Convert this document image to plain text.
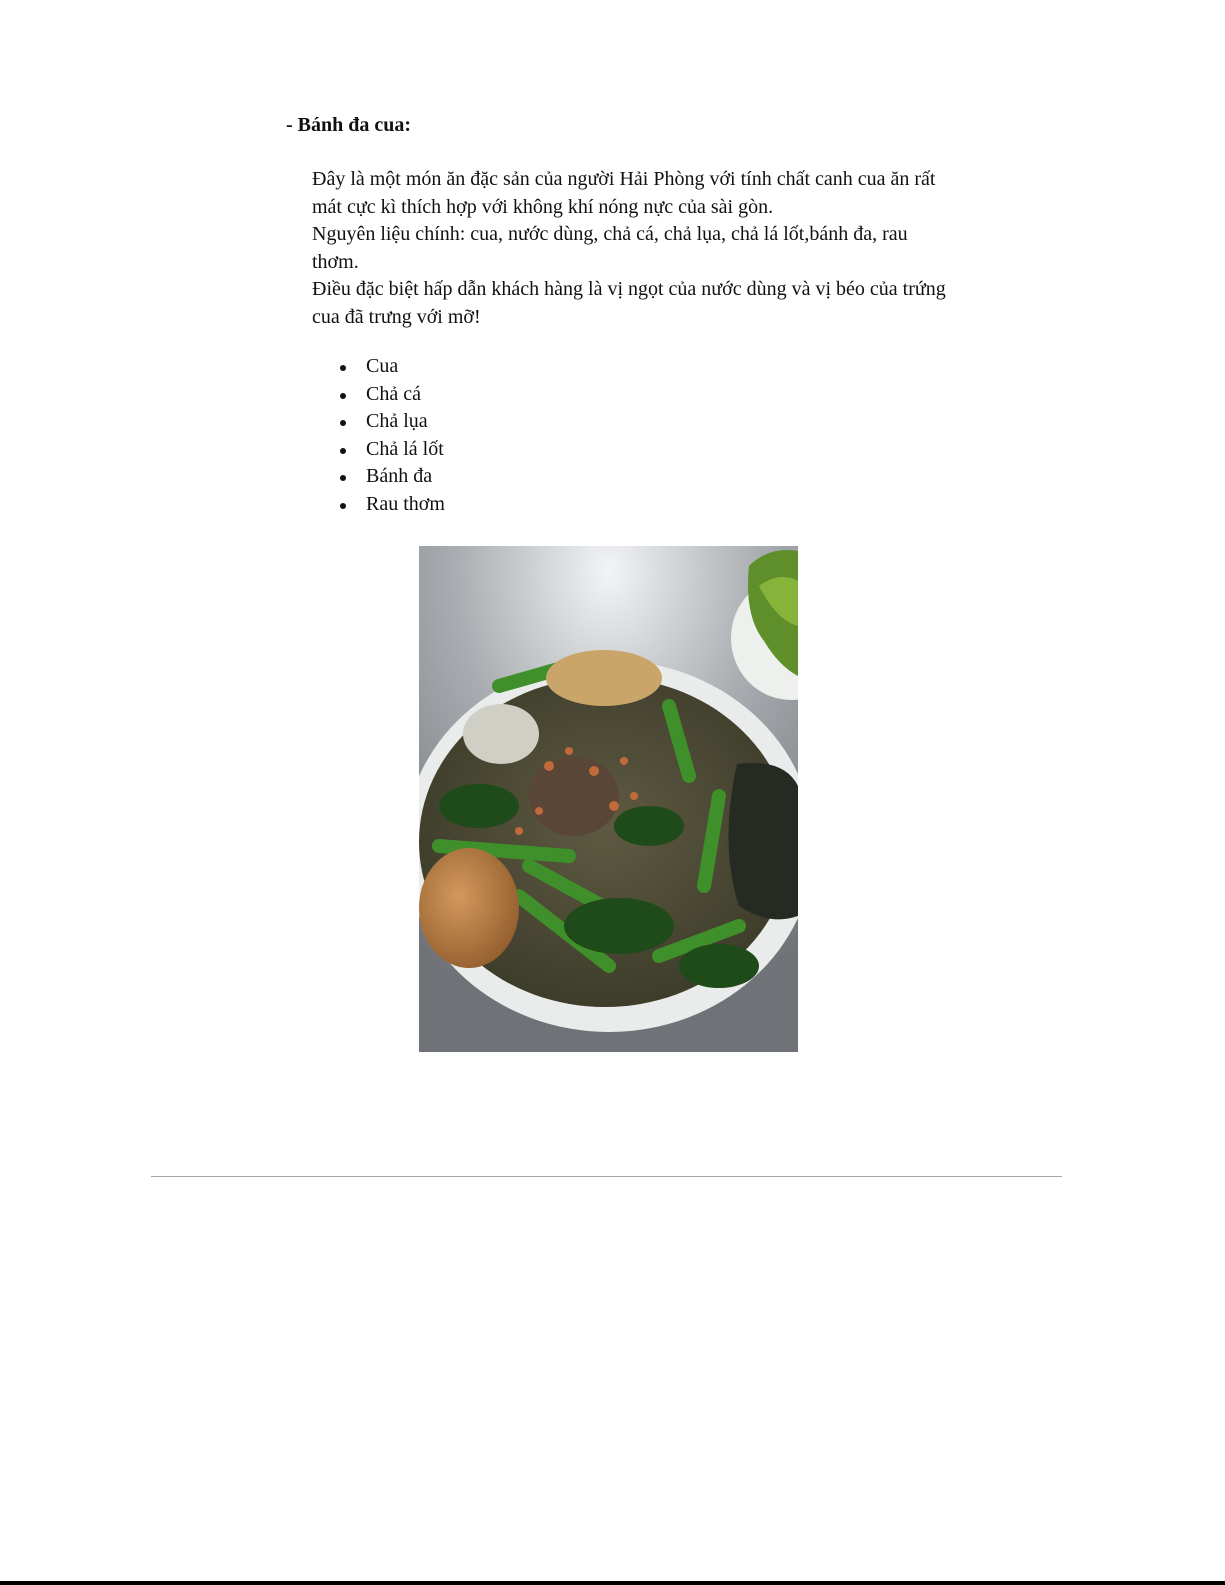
- Bánh đa cua:

Đây là một món ăn đặc sản của người Hải Phòng với tính chất canh cua ăn rất mát cực kì thích hợp với không khí nóng nực của sài gòn.

Nguyên liệu chính: cua, nước dùng, chả cá, chả lụa, chả lá lốt,bánh đa, rau thơm.

Điều đặc biệt hấp dẫn khách hàng là vị ngọt của nước dùng và vị béo của trứng cua đã trưng với mỡ!

Cua
Chả cá
Chả lụa
Chả lá lốt
Bánh đa
Rau thơm
